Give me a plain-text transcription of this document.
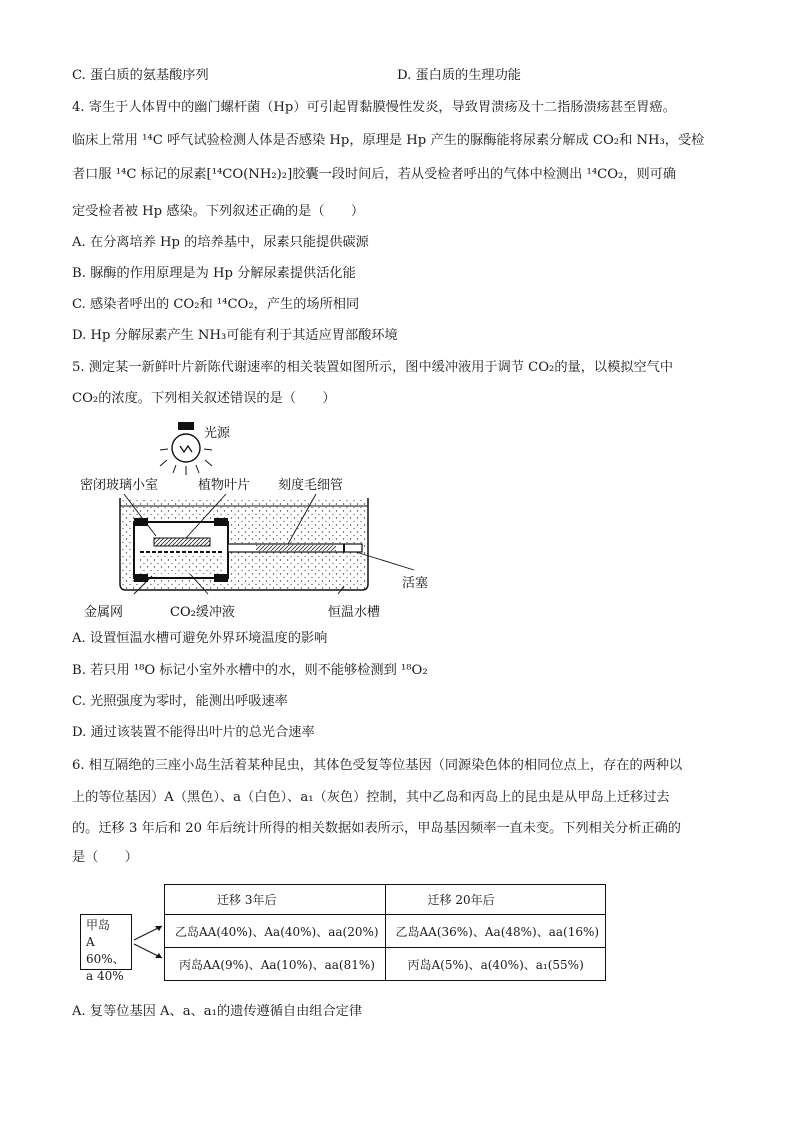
C. 蛋白质的氨基酸序列	D. 蛋白质的生理功能
4. 寄生于人体胃中的幽门螺杆菌（Hp）可引起胃黏膜慢性发炎，导致胃溃疡及十二指肠溃疡甚至胃癌。
临床上常用 ¹⁴C 呼气试验检测人体是否感染 Hp，原理是 Hp 产生的脲酶能将尿素分解成 CO₂和 NH₃，受检
者口服 ¹⁴C 标记的尿素[¹⁴CO(NH₂)₂]胶囊一段时间后，若从受检者呼出的气体中检测出 ¹⁴CO₂，则可确
定受检者被 Hp 感染。下列叙述正确的是（　　）
A. 在分离培养 Hp 的培养基中，尿素只能提供碳源
B. 脲酶的作用原理是为 Hp 分解尿素提供活化能
C. 感染者呼出的 CO₂和 ¹⁴CO₂，产生的场所相同
D. Hp 分解尿素产生 NH₃可能有利于其适应胃部酸环境
5. 测定某一新鲜叶片新陈代谢速率的相关装置如图所示，图中缓冲液用于调节 CO₂的量，以模拟空气中
CO₂的浓度。下列相关叙述错误的是（　　）
光源
密闭玻璃小室	植物叶片 刻度毛细管
活塞
金属网	CO₂缓冲液	恒温水槽
A. 设置恒温水槽可避免外界环境温度的影响
B. 若只用 ¹⁸O 标记小室外水槽中的水，则不能够检测到 ¹⁸O₂
C. 光照强度为零时，能测出呼吸速率
D. 通过该装置不能得出叶片的总光合速率
6. 相互隔绝的三座小岛生活着某种昆虫，其体色受复等位基因（同源染色体的相同位点上，存在的两种以
上的等位基因）A（黑色）、a（白色）、a₁（灰色）控制，其中乙岛和丙岛上的昆虫是从甲岛上迁移过去
的。迁移 3 年后和 20 年后统计所得的相关数据如表所示，甲岛基因频率一直未变。下列相关分析正确的
是（　　）
甲岛
A 60%、
a 40%
迁移 3年后	迁移 20年后
乙岛AA(40%)、Aa(40%)、aa(20%)	乙岛AA(36%)、Aa(48%)、aa(16%)
丙岛AA(9%)、Aa(10%)、aa(81%)	丙岛A(5%)、a(40%)、a₁(55%)
A. 复等位基因 A、a、a₁的遗传遵循自由组合定律
